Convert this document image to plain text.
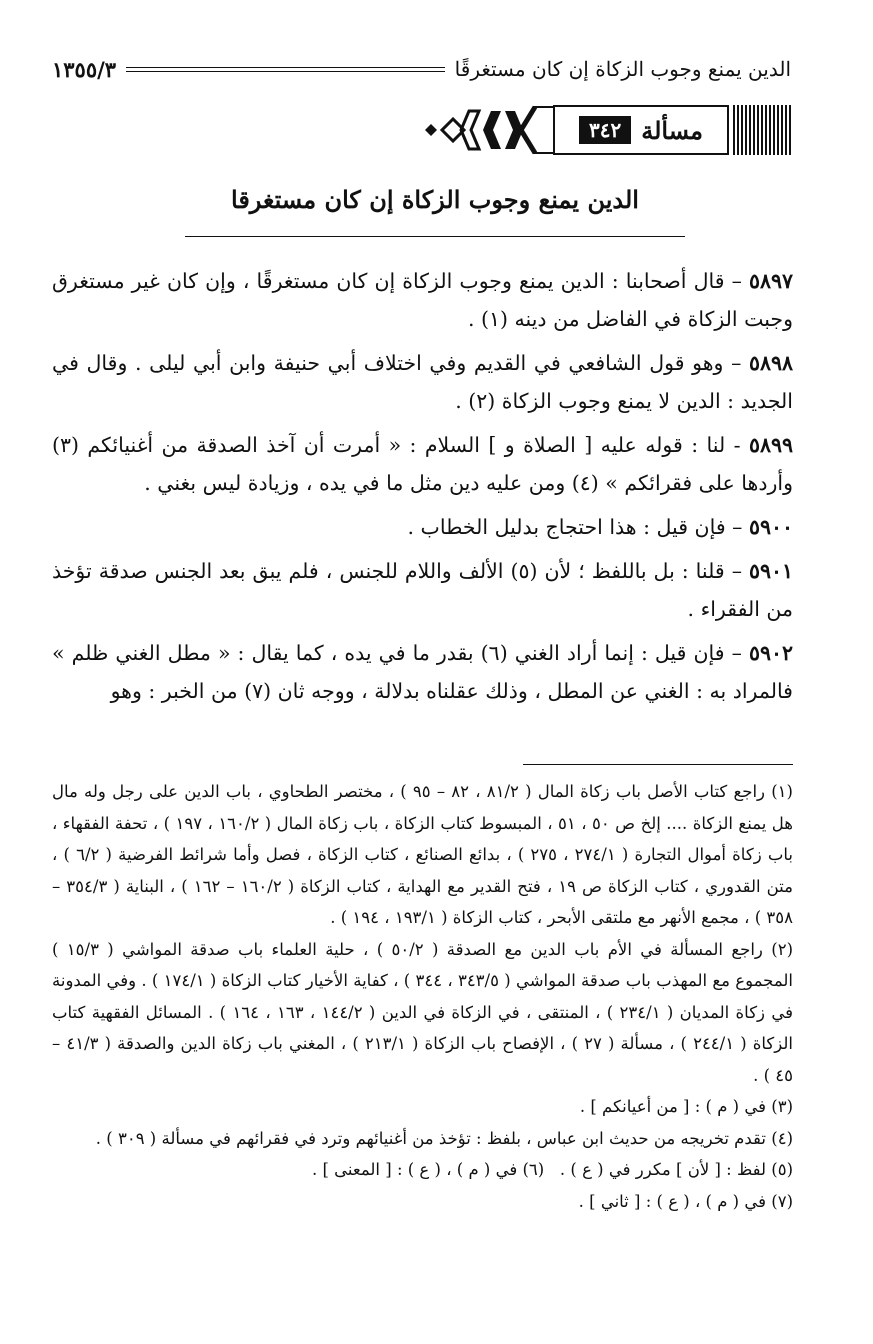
الدين يمنع وجوب الزكاة إن كان مستغرقًا
١٣٥٥/٣
مسألة
٣٤٢
الدين يمنع وجوب الزكاة إن كان مستغرقا

٥٨٩٧ – قال أصحابنا : الدين يمنع وجوب الزكاة إن كان مستغرقًا ، وإن كان غير مستغرق وجبت الزكاة في الفاضل من دينه (١) .

٥٨٩٨ – وهو قول الشافعي في القديم وفي اختلاف أبي حنيفة وابن أبي ليلى . وقال في الجديد : الدين لا يمنع وجوب الزكاة (٢) .

٥٨٩٩ - لنا : قوله عليه [ الصلاة و ] السلام : « أمرت أن آخذ الصدقة من أغنيائكم (٣) وأردها على فقرائكم » (٤) ومن عليه دين مثل ما في يده ، وزيادة ليس بغني .

٥٩٠٠ – فإن قيل : هذا احتجاج بدليل الخطاب .

٥٩٠١ – قلنا : بل باللفظ ؛ لأن (٥) الألف واللام للجنس ، فلم يبق بعد الجنس صدقة تؤخذ من الفقراء .

٥٩٠٢ – فإن قيل : إنما أراد الغني (٦) بقدر ما في يده ، كما يقال : « مطل الغني ظلم » فالمراد به : الغني عن المطل ، وذلك عقلناه بدلالة ، ووجه ثان (٧) من الخبر : وهو

(١) راجع كتاب الأصل باب زكاة المال ( ٨١/٢ ، ٨٢ – ٩٥ ) ، مختصر الطحاوي ، باب الدين على رجل وله مال هل يمنع الزكاة .... إلخ ص ٥٠ ، ٥١ ، المبسوط كتاب الزكاة ، باب زكاة المال ( ١٦٠/٢ ، ١٩٧ ) ، تحفة الفقهاء ، باب زكاة أموال التجارة ( ٢٧٤/١ ، ٢٧٥ ) ، بدائع الصنائع ، كتاب الزكاة ، فصل وأما شرائط الفرضية ( ٦/٢ ) ، متن القدوري ، كتاب الزكاة ص ١٩ ، فتح القدير مع الهداية ، كتاب الزكاة ( ١٦٠/٢ – ١٦٢ ) ، البناية ( ٣٥٤/٣ – ٣٥٨ ) ، مجمع الأنهر مع ملتقى الأبحر ، كتاب الزكاة ( ١٩٣/١ ، ١٩٤ ) .

(٢) راجع المسألة في الأم باب الدين مع الصدقة ( ٥٠/٢ ) ، حلية العلماء باب صدقة المواشي ( ١٥/٣ ) المجموع مع المهذب باب صدقة المواشي ( ٣٤٣/٥ ، ٣٤٤ ) ، كفاية الأخيار كتاب الزكاة ( ١٧٤/١ ) . وفي المدونة في زكاة المديان ( ٢٣٤/١ ) ، المنتقى ، في الزكاة في الدين ( ١٤٤/٢ ، ١٦٣ ، ١٦٤ ) . المسائل الفقهية كتاب الزكاة ( ٢٤٤/١ ) ، مسألة ( ٢٧ ) ، الإفصاح باب الزكاة ( ٢١٣/١ ) ، المغني باب زكاة الدين والصدقة ( ٤١/٣ – ٤٥ ) .

(٣) في ( م ) : [ من أعيانكم ] .

(٤) تقدم تخريجه من حديث ابن عباس ، بلفظ : تؤخذ من أغنيائهم وترد في فقرائهم في مسألة ( ٣٠٩ ) .

(٥) لفظ : [ لأن ] مكرر في ( ع ) .
(٦) في ( م ) ، ( ع ) : [ المعنى ] .

(٧) في ( م ) ، ( ع ) : [ ثاني ] .
